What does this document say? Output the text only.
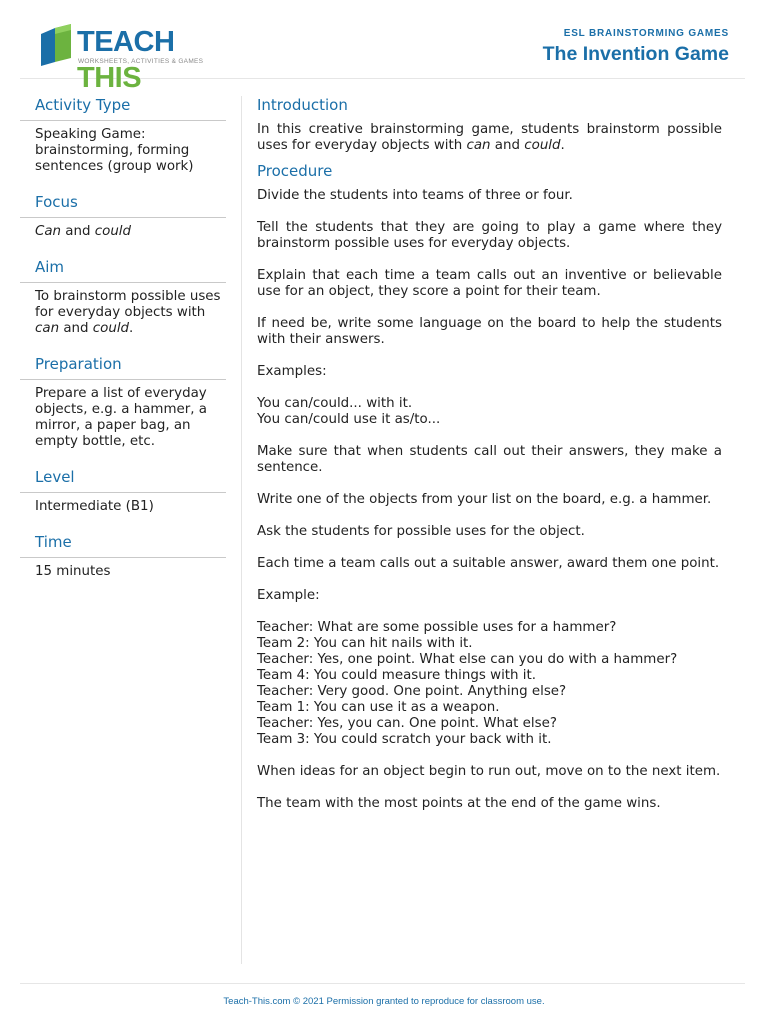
TEACH THIS
WORKSHEETS, ACTIVITIES & GAMES
ESL BRAINSTORMING GAMES
The Invention Game
Activity Type
Speaking Game: brainstorming, forming sentences (group work)
Focus
Can and could
Aim
To brainstorm possible uses for everyday objects with can and could.
Preparation
Prepare a list of everyday objects, e.g. a hammer, a mirror, a paper bag, an empty bottle, etc.
Level
Intermediate (B1)
Time
15 minutes
Introduction

In this creative brainstorming game, students brainstorm possible uses for everyday objects with can and could.

Procedure

Divide the students into teams of three or four.

Tell the students that they are going to play a game where they brainstorm possible uses for everyday objects.

Explain that each time a team calls out an inventive or believable use for an object, they score a point for their team.

If need be, write some language on the board to help the students with their answers.

Examples:

You can/could... with it.

You can/could use it as/to...

Make sure that when students call out their answers, they make a sentence.

Write one of the objects from your list on the board, e.g. a hammer.

Ask the students for possible uses for the object.

Each time a team calls out a suitable answer, award them one point.

Example:

Teacher: What are some possible uses for a hammer?

Team 2: You can hit nails with it.

Teacher: Yes, one point. What else can you do with a hammer?

Team 4: You could measure things with it.

Teacher: Very good. One point. Anything else?

Team 1: You can use it as a weapon.

Teacher: Yes, you can. One point. What else?

Team 3: You could scratch your back with it.

When ideas for an object begin to run out, move on to the next item.

The team with the most points at the end of the game wins.

Teach-This.com © 2021 Permission granted to reproduce for classroom use.
